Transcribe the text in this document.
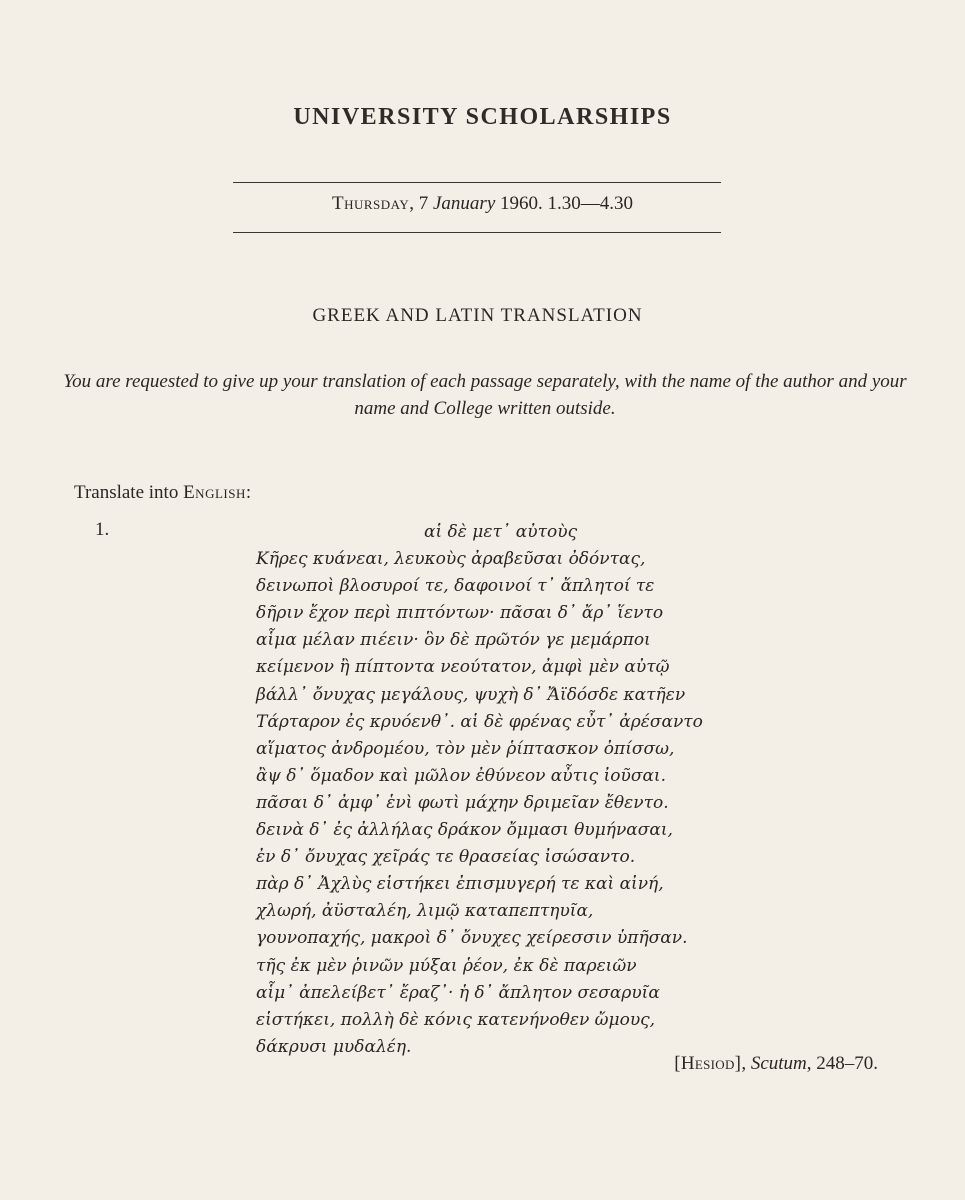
UNIVERSITY SCHOLARSHIPS
Thursday, 7 January 1960. 1.30—4.30
GREEK AND LATIN TRANSLATION
You are requested to give up your translation of each passage separately, with the name of the author and your name and College written outside.
Translate into English:
1.	αἱ δὲ μετ᾽ αὐτοὺς
Κῆρες κυάνεαι, λευκοὺς ἀραβεῦσαι ὀδόντας,
δεινωποὶ βλοσυροί τε, δαφοινοί τ᾽ ἄπλητοί τε
δῆριν ἔχον περὶ πιπτόντων· πᾶσαι δ᾽ ἄρ᾽ ἵεντο
αἷμα μέλαν πιέειν· ὃν δὲ πρῶτόν γε μεμάρποι
κείμενον ἢ πίπτοντα νεούτατον, ἀμφὶ μὲν αὐτῷ
βάλλ᾽ ὄνυχας μεγάλους, ψυχὴ δ᾽ Ἄϊδόσδε κατῆεν
Τάρταρον ἐς κρυόενθ᾽. αἱ δὲ φρένας εὖτ᾽ ἀρέσαντο
αἵματος ἀνδρομέου, τὸν μὲν ῥίπτασκον ὀπίσσω,
ἂψ δ᾽ ὅμαδον καὶ μῶλον ἐθύνεον αὖτις ἰοῦσαι.
πᾶσαι δ᾽ ἀμφ᾽ ἑνὶ φωτὶ μάχην δριμεῖαν ἔθεντο.
δεινὰ δ᾽ ἐς ἀλλήλας δράκον ὄμμασι θυμήνασαι,
ἐν δ᾽ ὄνυχας χεῖράς τε θρασείας ἰσώσαντο.
πὰρ δ᾽ Ἀχλὺς εἱστήκει ἐπισμυγερή τε καὶ αἰνή,
χλωρή, ἀϋσταλέη, λιμῷ καταπεπτηυῖα,
γουνοπαχής, μακροὶ δ᾽ ὄνυχες χείρεσσιν ὑπῆσαν.
τῆς ἐκ μὲν ῥινῶν μύξαι ῥέον, ἐκ δὲ παρειῶν
αἷμ᾽ ἀπελείβετ᾽ ἔραζ᾽· ἡ δ᾽ ἄπλητον σεσαρυῖα
εἱστήκει, πολλὴ δὲ κόνις κατενήνοθεν ὤμους,
δάκρυσι μυδαλέη.
[Hesiod], Scutum, 248–70.
